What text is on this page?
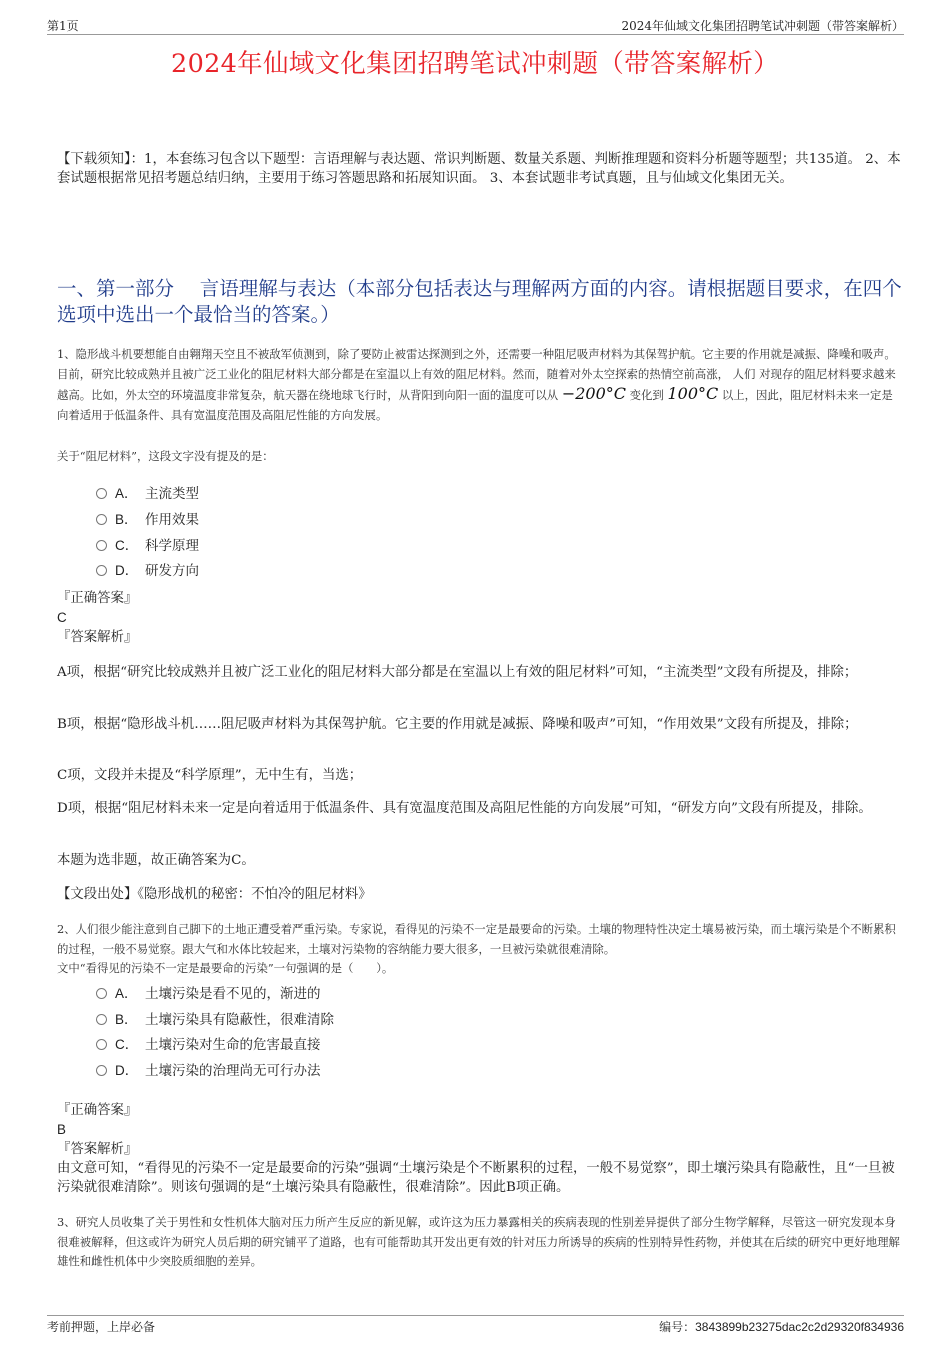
第1页	2024年仙域文化集团招聘笔试冲刺题（带答案解析）
2024年仙域文化集团招聘笔试冲刺题（带答案解析）
【下载须知】：1，本套练习包含以下题型：言语理解与表达题、常识判断题、数量关系题、判断推理题和资料分析题等题型；共135道。 2、本套试题根据常见招考题总结归纳，主要用于练习答题思路和拓展知识面。 3、本套试题非考试真题，且与仙域文化集团无关。
一、第一部分　 言语理解与表达（本部分包括表达与理解两方面的内容。请根据题目要求，在四个选项中选出一个最恰当的答案。）
1、隐形战斗机要想能自由翱翔天空且不被敌军侦测到，除了要防止被雷达探测到之外，还需要一种阻尼吸声材料为其保驾护航。它主要的作用就是减振、降噪和吸声。目前，研究比较成熟并且被广泛工业化的阻尼材料大部分都是在室温以上有效的阻尼材料。然而，随着对外太空探索的热情空前高涨， 人们 对现存的阻尼材料要求越来越高。比如，外太空的环境温度非常复杂，航天器在绕地球飞行时，从背阳到向阳一面的温度可以从 −200°C 变化到 100°C 以上，因此，阻尼材料未来一定是向着适用于低温条件、具有宽温度范围及高阻尼性能的方向发展。
关于“阻尼材料”，这段文字没有提及的是：
A． 主流类型
B． 作用效果
C． 科学原理
D． 研发方向
『正确答案』
C
『答案解析』
A项，根据“研究比较成熟并且被广泛工业化的阻尼材料大部分都是在室温以上有效的阻尼材料”可知，“主流类型”文段有所提及，排除；
B项，根据“隐形战斗机……阻尼吸声材料为其保驾护航。它主要的作用就是减振、降噪和吸声”可知，“作用效果”文段有所提及，排除；
C项，文段并未提及“科学原理”，无中生有，当选；
D项，根据“阻尼材料未来一定是向着适用于低温条件、具有宽温度范围及高阻尼性能的方向发展”可知，“研发方向”文段有所提及，排除。
本题为选非题，故正确答案为C。
【文段出处】《隐形战机的秘密：不怕冷的阻尼材料》
2、人们很少能注意到自己脚下的土地正遭受着严重污染。专家说，看得见的污染不一定是最要命的污染。土壤的物理特性决定土壤易被污染，而土壤污染是个不断累积的过程，一般不易觉察。跟大气和水体比较起来，土壤对污染物的容纳能力要大很多，一旦被污染就很难清除。
文中“看得见的污染不一定是最要命的污染”一句强调的是（　　）。
A． 土壤污染是看不见的，渐进的
B． 土壤污染具有隐蔽性，很难清除
C． 土壤污染对生命的危害最直接
D． 土壤污染的治理尚无可行办法
『正确答案』
B
『答案解析』
由文意可知，“看得见的污染不一定是最要命的污染”强调“土壤污染是个不断累积的过程，一般不易觉察”，即土壤污染具有隐蔽性，且“一旦被污染就很难清除”。则该句强调的是“土壤污染具有隐蔽性，很难清除”。因此B项正确。
3、研究人员收集了关于男性和女性机体大脑对压力所产生反应的新见解，或许这为压力暴露相关的疾病表现的性别差异提供了部分生物学解释，尽管这一研究发现本身很难被解释，但这或许为研究人员后期的研究铺平了道路，也有可能帮助其开发出更有效的针对压力所诱导的疾病的性别特异性药物，并使其在后续的研究中更好地理解雄性和雌性机体中少突胶质细胞的差异。
考前押题，上岸必备	编号：3843899b23275dac2c2d29320f834936
